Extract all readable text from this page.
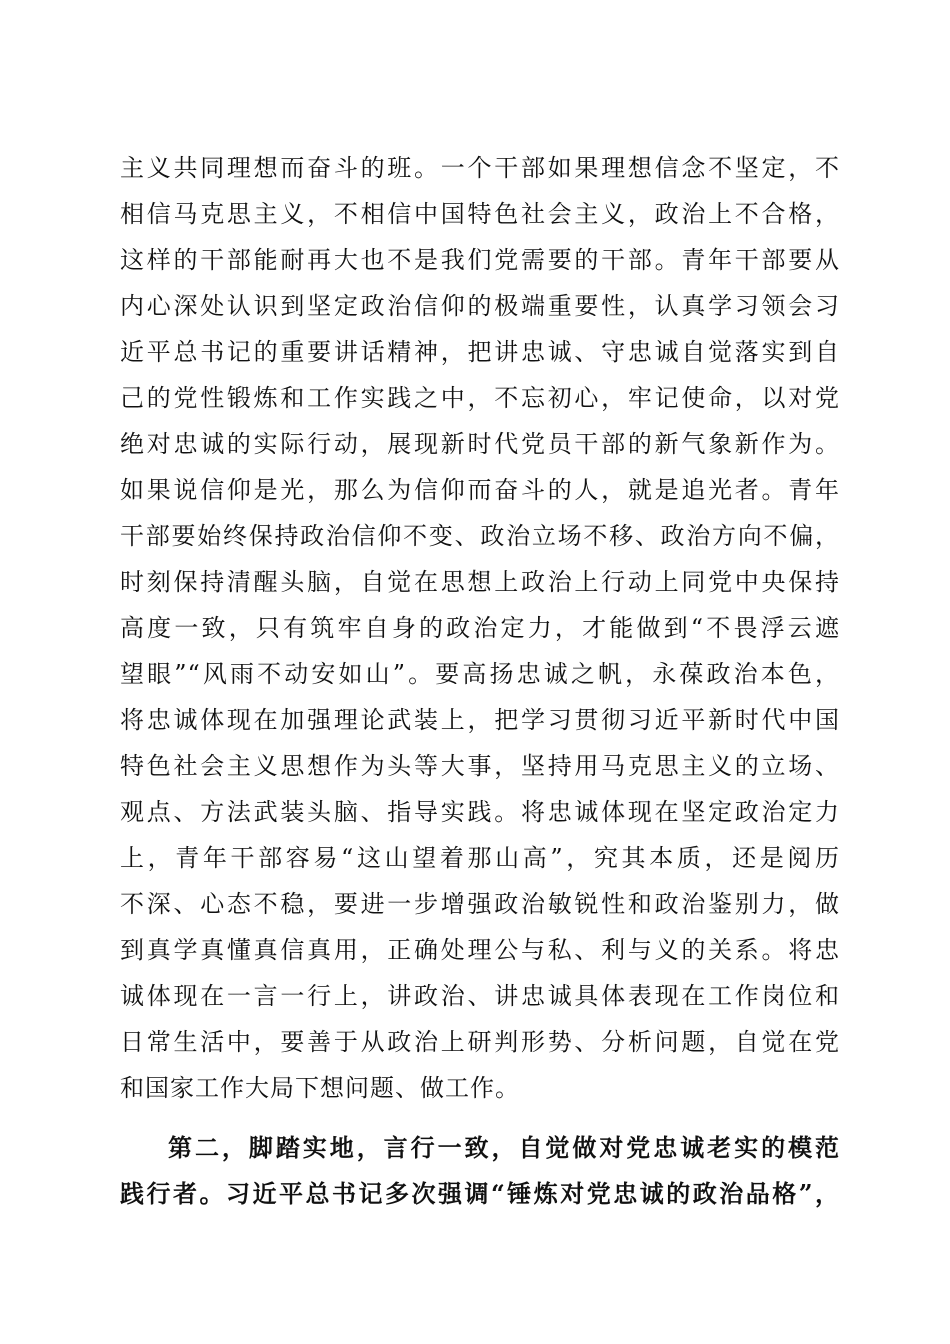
主义共同理想而奋斗的班。一个干部如果理想信念不坚定，不
相信马克思主义，不相信中国特色社会主义，政治上不合格，
这样的干部能耐再大也不是我们党需要的干部。青年干部要从
内心深处认识到坚定政治信仰的极端重要性，认真学习领会习
近平总书记的重要讲话精神，把讲忠诚、守忠诚自觉落实到自
己的党性锻炼和工作实践之中，不忘初心，牢记使命，以对党
绝对忠诚的实际行动，展现新时代党员干部的新气象新作为。
如果说信仰是光，那么为信仰而奋斗的人，就是追光者。青年
干部要始终保持政治信仰不变、政治立场不移、政治方向不偏，
时刻保持清醒头脑，自觉在思想上政治上行动上同党中央保持
高度一致，只有筑牢自身的政治定力，才能做到“不畏浮云遮
望眼”“风雨不动安如山”。要高扬忠诚之帆，永葆政治本色，
将忠诚体现在加强理论武装上，把学习贯彻习近平新时代中国
特色社会主义思想作为头等大事，坚持用马克思主义的立场、
观点、方法武装头脑、指导实践。将忠诚体现在坚定政治定力
上，青年干部容易“这山望着那山高”，究其本质，还是阅历
不深、心态不稳，要进一步增强政治敏锐性和政治鉴别力，做
到真学真懂真信真用，正确处理公与私、利与义的关系。将忠
诚体现在一言一行上，讲政治、讲忠诚具体表现在工作岗位和
日常生活中，要善于从政治上研判形势、分析问题，自觉在党
和国家工作大局下想问题、做工作。
第二，脚踏实地，言行一致，自觉做对党忠诚老实的模范
践行者。习近平总书记多次强调“锤炼对党忠诚的政治品格”，
